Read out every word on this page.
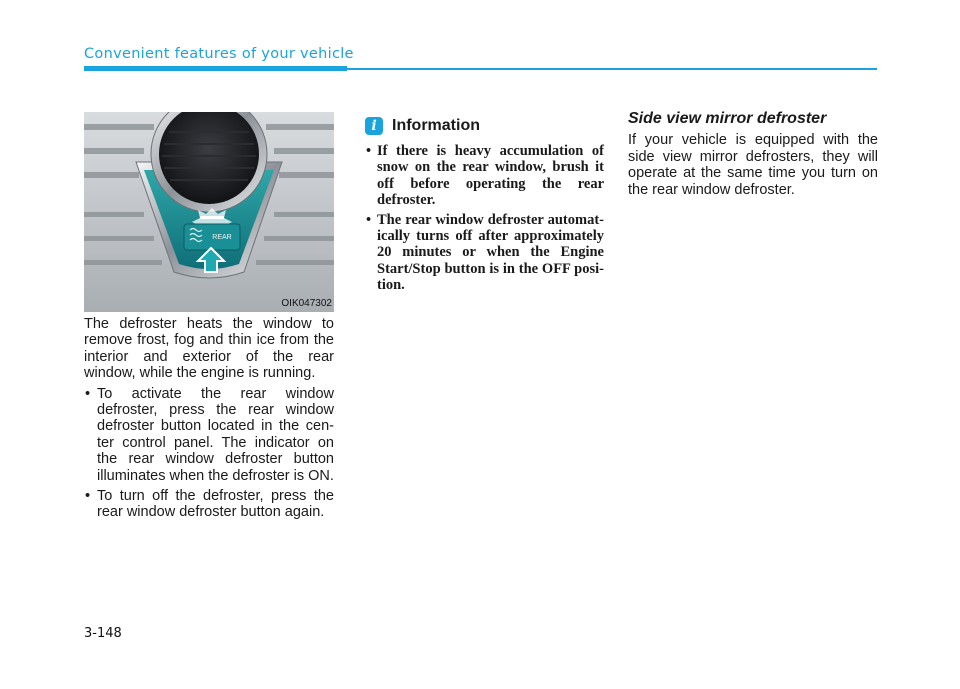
Convenient features of your vehicle
REAR
OIK047302

The defroster heats the window to remove frost, fog and thin ice from the interior and exterior of the rear window, while the engine is running.

• To activate the rear window defroster, press the rear window defroster button located in the cen-ter control panel. The indicator on the rear window defroster button illuminates when the defroster is ON.
• To turn off the defroster, press the rear window defroster button again.
i Information
• If there is heavy accumulation of snow on the rear window, brush it off before operating the rear defroster.
• The rear window defroster automat-ically turns off after approximately 20 minutes or when the Engine Start/Stop button is in the OFF posi-tion.
Side view mirror defroster

If your vehicle is equipped with the side view mirror defrosters, they will operate at the same time you turn on the rear window defroster.

3-148
